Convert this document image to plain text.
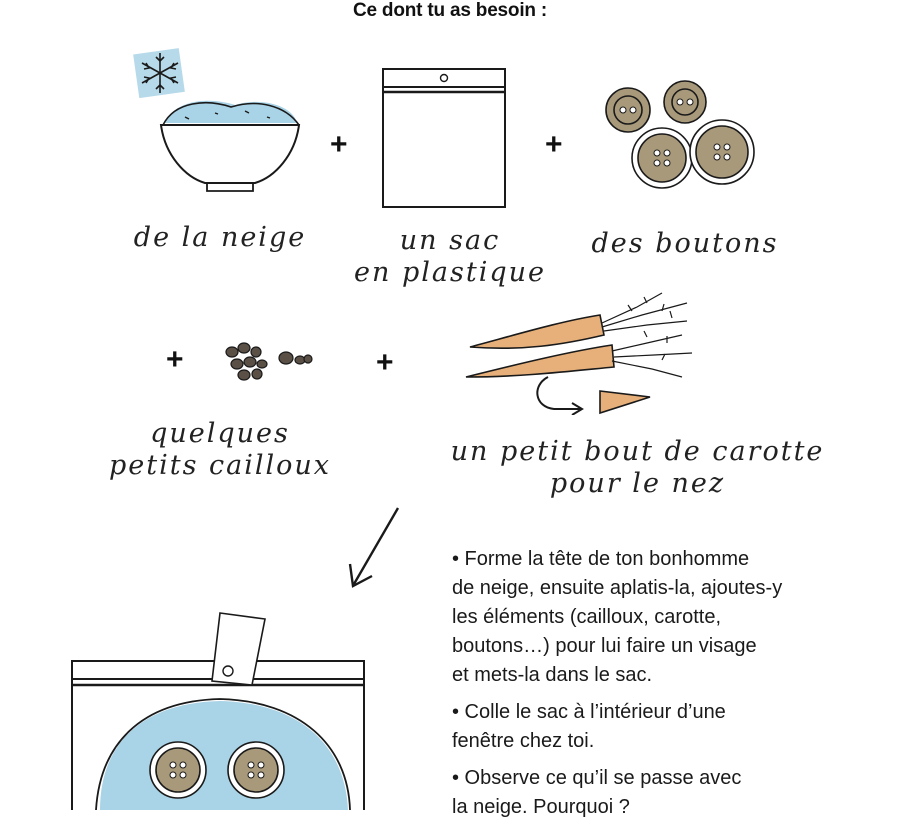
Ce dont tu as besoin :
+	+
de la neige	un sac
en plastique
des boutons
+	+
quelques
petits cailloux	un petit bout de carotte
pour le nez

• Forme la tête de ton bonhomme
de neige, ensuite aplatis-la, ajoutes-y
les éléments (cailloux, carotte,
boutons…) pour lui faire un visage
et mets-la dans le sac.

• Colle le sac à l’intérieur d’une
fenêtre chez toi.

• Observe ce qu’il se passe avec
la neige. Pourquoi ?
